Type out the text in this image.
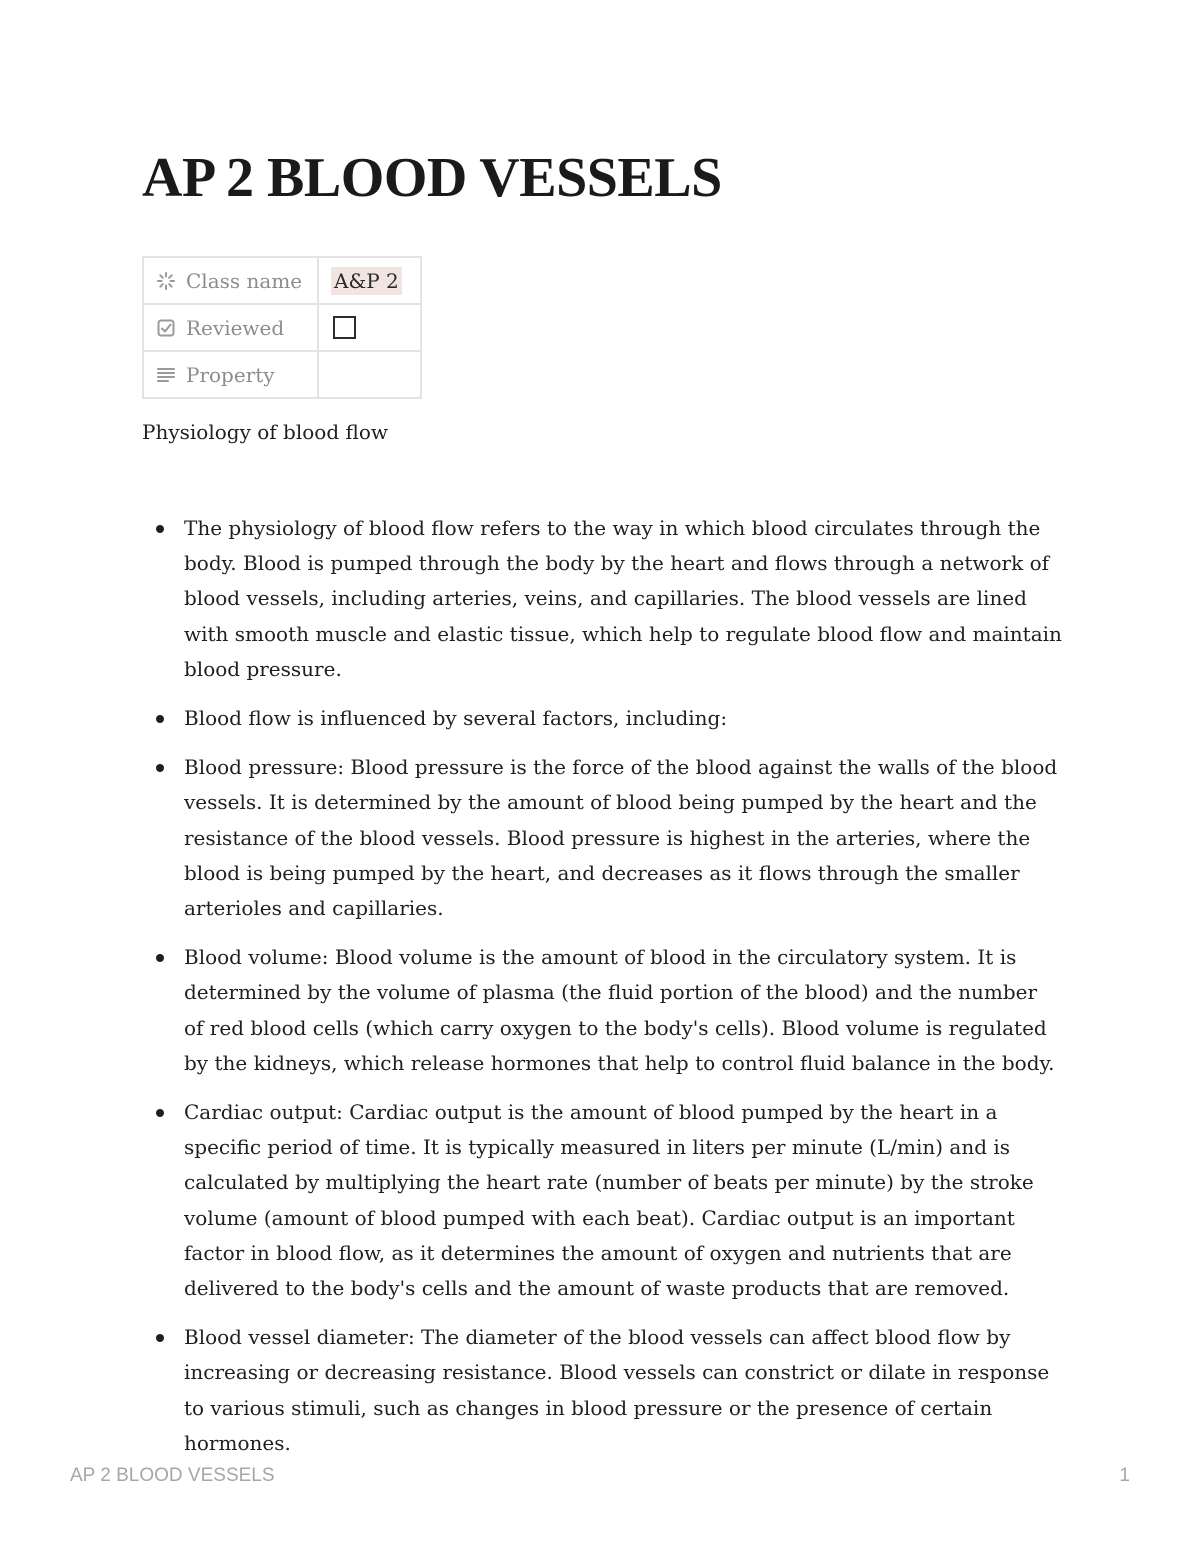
AP 2 BLOOD VESSELS
Class name	A&P 2

Reviewed	

Property	

Physiology of blood flow

The physiology of blood flow refers to the way in which blood circulates through the body. Blood is pumped through the body by the heart and flows through a network of blood vessels, including arteries, veins, and capillaries. The blood vessels are lined with smooth muscle and elastic tissue, which help to regulate blood flow and maintain blood pressure.
Blood flow is influenced by several factors, including:
Blood pressure: Blood pressure is the force of the blood against the walls of the blood vessels. It is determined by the amount of blood being pumped by the heart and the resistance of the blood vessels. Blood pressure is highest in the arteries, where the blood is being pumped by the heart, and decreases as it flows through the smaller arterioles and capillaries.
Blood volume: Blood volume is the amount of blood in the circulatory system. It is determined by the volume of plasma (the fluid portion of the blood) and the number of red blood cells (which carry oxygen to the body's cells). Blood volume is regulated by the kidneys, which release hormones that help to control fluid balance in the body.
Cardiac output: Cardiac output is the amount of blood pumped by the heart in a specific period of time. It is typically measured in liters per minute (L/min) and is calculated by multiplying the heart rate (number of beats per minute) by the stroke volume (amount of blood pumped with each beat). Cardiac output is an important factor in blood flow, as it determines the amount of oxygen and nutrients that are delivered to the body's cells and the amount of waste products that are removed.
Blood vessel diameter: The diameter of the blood vessels can affect blood flow by increasing or decreasing resistance. Blood vessels can constrict or dilate in response to various stimuli, such as changes in blood pressure or the presence of certain hormones.
AP 2 BLOOD VESSELS	1
